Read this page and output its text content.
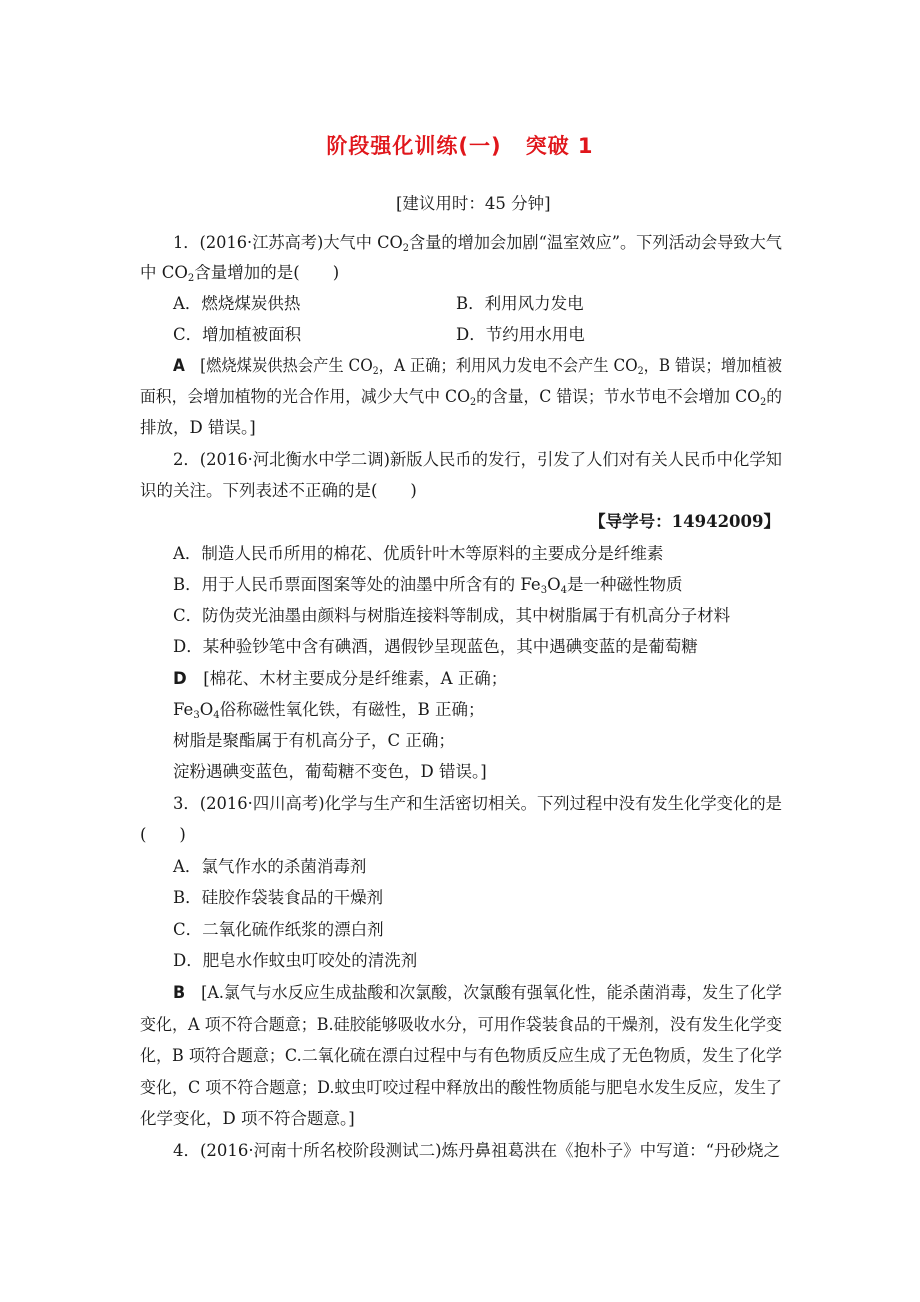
阶段强化训练(一) 突破 1
[建议用时：45 分钟]
1．(2016·江苏高考)大气中 $CO_2$含量的增加会加剧“温室效应”。下列活动会导致大气
中 $CO_2$含量增加的是(　　)
A．燃烧煤炭供热	B．利用风力发电
C．增加植被面积	D．节约用水用电
A　 [燃烧煤炭供热会产生 $CO_2$，A 正确；利用风力发电不会产生 $CO_2$，B 错误；增加植被
面积，会增加植物的光合作用，减少大气中 $CO_2$的含量，C 错误；节水节电不会增加 $CO_2$的
排放，D 错误。]
2．(2016·河北衡水中学二调)新版人民币的发行，引发了人们对有关人民币中化学知
识的关注。下列表述不正确的是(　　)
【导学号：14942009】
A．制造人民币所用的棉花、优质针叶木等原料的主要成分是纤维素
B．用于人民币票面图案等处的油墨中所含有的 $Fe_3O_4$是一种磁性物质
C．防伪荧光油墨由颜料与树脂连接料等制成，其中树脂属于有机高分子材料
D．某种验钞笔中含有碘酒，遇假钞呈现蓝色，其中遇碘变蓝的是葡萄糖
D　 [棉花、木材主要成分是纤维素，A 正确；
$Fe_3O_4$俗称磁性氧化铁，有磁性，B 正确；
树脂是聚酯属于有机高分子，C 正确；
淀粉遇碘变蓝色，葡萄糖不变色，D 错误。]
3．(2016·四川高考)化学与生产和生活密切相关。下列过程中没有发生化学变化的是
(　　)
A．氯气作水的杀菌消毒剂
B．硅胶作袋装食品的干燥剂
C．二氧化硫作纸浆的漂白剂
D．肥皂水作蚊虫叮咬处的清洗剂
B　 [A.氯气与水反应生成盐酸和次氯酸，次氯酸有强氧化性，能杀菌消毒，发生了化学
变化，A 项不符合题意；B.硅胶能够吸收水分，可用作袋装食品的干燥剂，没有发生化学变
化，B 项符合题意；C.二氧化硫在漂白过程中与有色物质反应生成了无色物质，发生了化学
变化，C 项不符合题意；D.蚊虫叮咬过程中释放出的酸性物质能与肥皂水发生反应，发生了
化学变化，D 项不符合题意。]
4．(2016·河南十所名校阶段测试二)炼丹鼻祖葛洪在《抱朴子》中写道：“丹砂烧之
